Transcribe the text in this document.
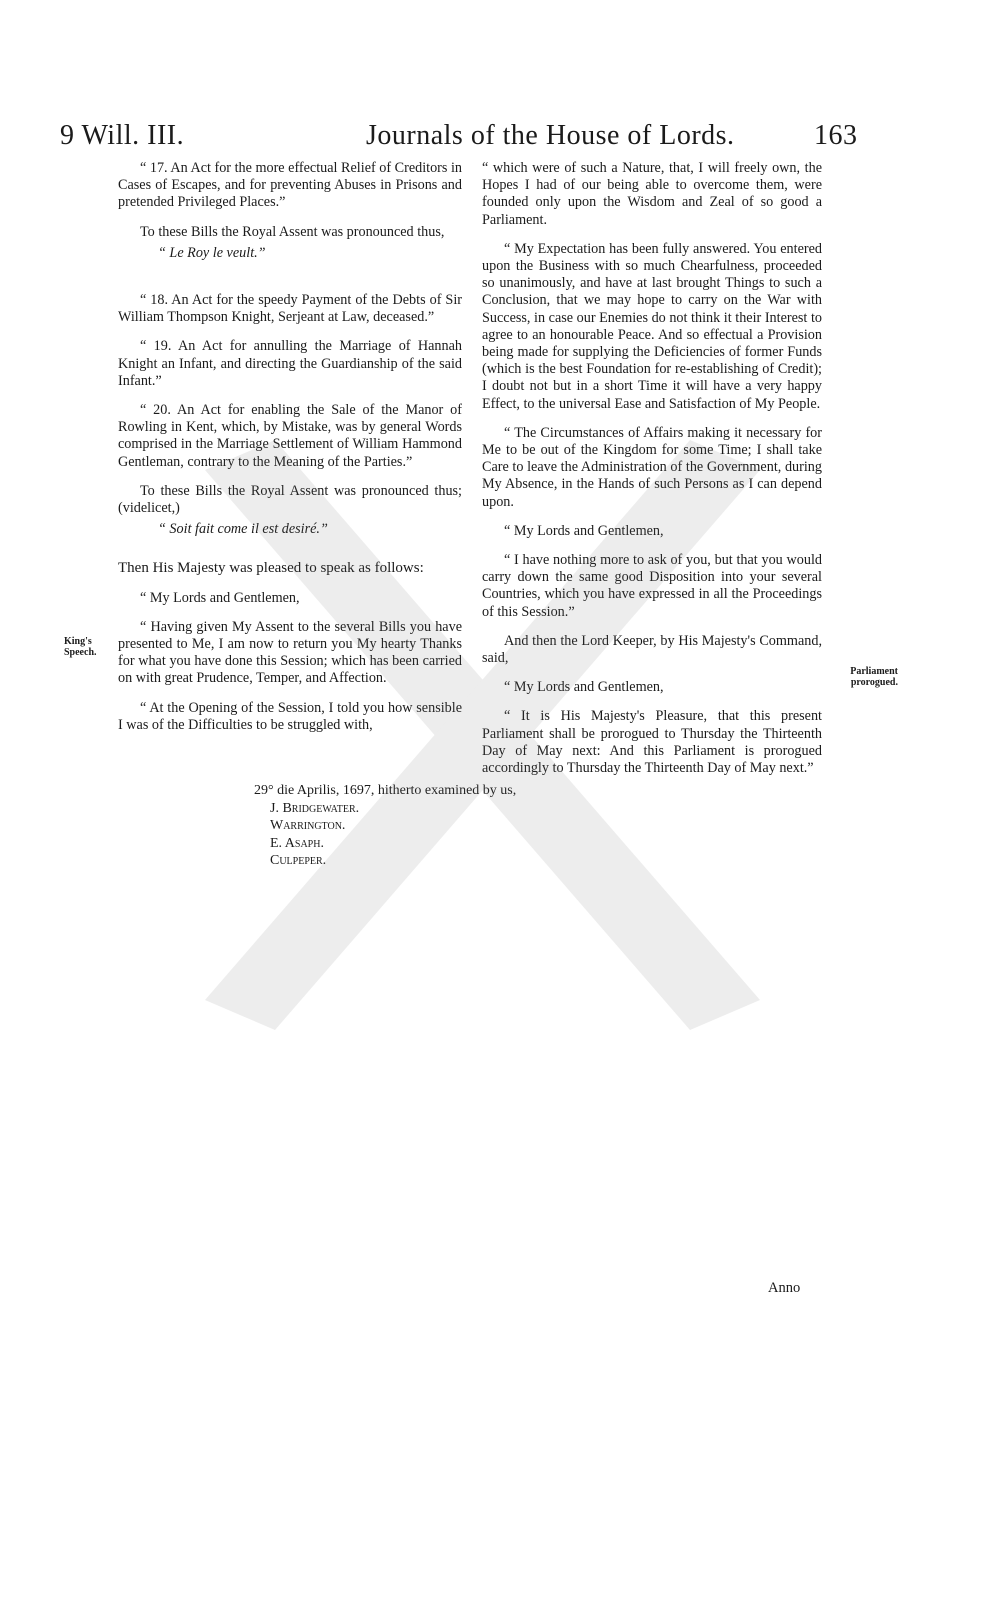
9 Will. III.	Journals of the House of Lords.	163

“ 17. An Act for the more effectual Relief of Creditors in Cases of Escapes, and for preventing Abuses in Prisons and pretended Privileged Places.”

To these Bills the Royal Assent was pronounced thus,

“ Le Roy le veult.”

“ 18. An Act for the speedy Payment of the Debts of Sir William Thompson Knight, Serjeant at Law, deceased.”

“ 19. An Act for annulling the Marriage of Hannah Knight an Infant, and directing the Guardianship of the said Infant.”

“ 20. An Act for enabling the Sale of the Manor of Rowling in Kent, which, by Mistake, was by general Words comprised in the Marriage Settlement of William Hammond Gentleman, contrary to the Meaning of the Parties.”

To these Bills the Royal Assent was pronounced thus; (videlicet,)

“ Soit fait come il est desiré.”

Then His Majesty was pleased to speak as follows:

“ My Lords and Gentlemen,

“ Having given My Assent to the several Bills you have presented to Me, I am now to return you My hearty Thanks for what you have done this Session; which has been carried on with great Prudence, Temper, and Affection.

“ At the Opening of the Session, I told you how sensible I was of the Difficulties to be struggled with,

“ which were of such a Nature, that, I will freely own, the Hopes I had of our being able to overcome them, were founded only upon the Wisdom and Zeal of so good a Parliament.

“ My Expectation has been fully answered. You entered upon the Business with so much Chearfulness, proceeded so unanimously, and have at last brought Things to such a Conclusion, that we may hope to carry on the War with Success, in case our Enemies do not think it their Interest to agree to an honourable Peace. And so effectual a Provision being made for supplying the Deficiencies of former Funds (which is the best Foundation for re-establishing of Credit); I doubt not but in a short Time it will have a very happy Effect, to the universal Ease and Satisfaction of My People.

“ The Circumstances of Affairs making it necessary for Me to be out of the Kingdom for some Time; I shall take Care to leave the Administration of the Government, during My Absence, in the Hands of such Persons as I can depend upon.

“ My Lords and Gentlemen,

“ I have nothing more to ask of you, but that you would carry down the same good Disposition into your several Countries, which you have expressed in all the Proceedings of this Session.”

And then the Lord Keeper, by His Majesty's Command, said,

“ My Lords and Gentlemen,

“ It is His Majesty's Pleasure, that this present Parliament shall be prorogued to Thursday the Thirteenth Day of May next: And this Parliament is prorogued accordingly to Thursday the Thirteenth Day of May next.”

King's Speech.
Parliament prorogued.
29° die Aprilis, 1697, hitherto examined by us,
J. Bridgewater.
Warrington.
E. Asaph.
Culpeper.
Anno
